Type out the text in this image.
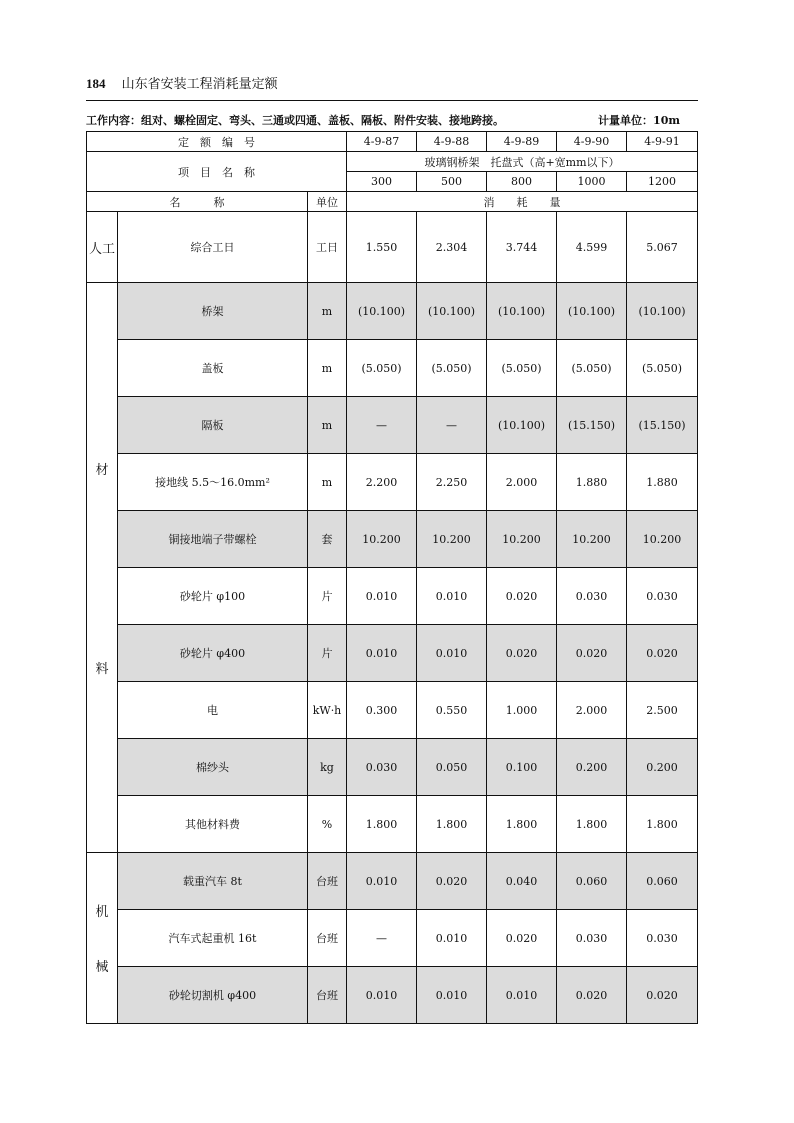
184 山东省安装工程消耗量定额
工作内容：组对、螺栓固定、弯头、三通或四通、盖板、隔板、附件安装、接地跨接。	计量单位：10m
定　额　编　号			4-9-87	4-9-88	4-9-89	4-9-90	4-9-91
项　目　名　称			玻璃钢桥架　托盘式（高+宽mm以下）				
			300	500	800	1000	1200
名　　　称		单位	消　　耗　　量				
人工	综合工日	工日	1.550	2.304	3.744	4.599	5.067

材
料	桥架	m	(10.100)	(10.100)	(10.100)	(10.100)	(10.100)
	盖板	m	(5.050)	(5.050)	(5.050)	(5.050)	(5.050)
	隔板	m	—	—	(10.100)	(15.150)	(15.150)
	接地线 5.5～16.0mm²	m	2.200	2.250	2.000	1.880	1.880
	铜接地端子带螺栓	套	10.200	10.200	10.200	10.200	10.200
	砂轮片 φ100	片	0.010	0.010	0.020	0.030	0.030
	砂轮片 φ400	片	0.010	0.010	0.020	0.020	0.020
	电	kW·h	0.300	0.550	1.000	2.000	2.500
	棉纱头	kg	0.030	0.050	0.100	0.200	0.200
	其他材料费	%	1.800	1.800	1.800	1.800	1.800

机
械	载重汽车 8t	台班	0.010	0.020	0.040	0.060	0.060
	汽车式起重机 16t	台班	—	0.010	0.020	0.030	0.030
	砂轮切割机 φ400	台班	0.010	0.010	0.010	0.020	0.020
